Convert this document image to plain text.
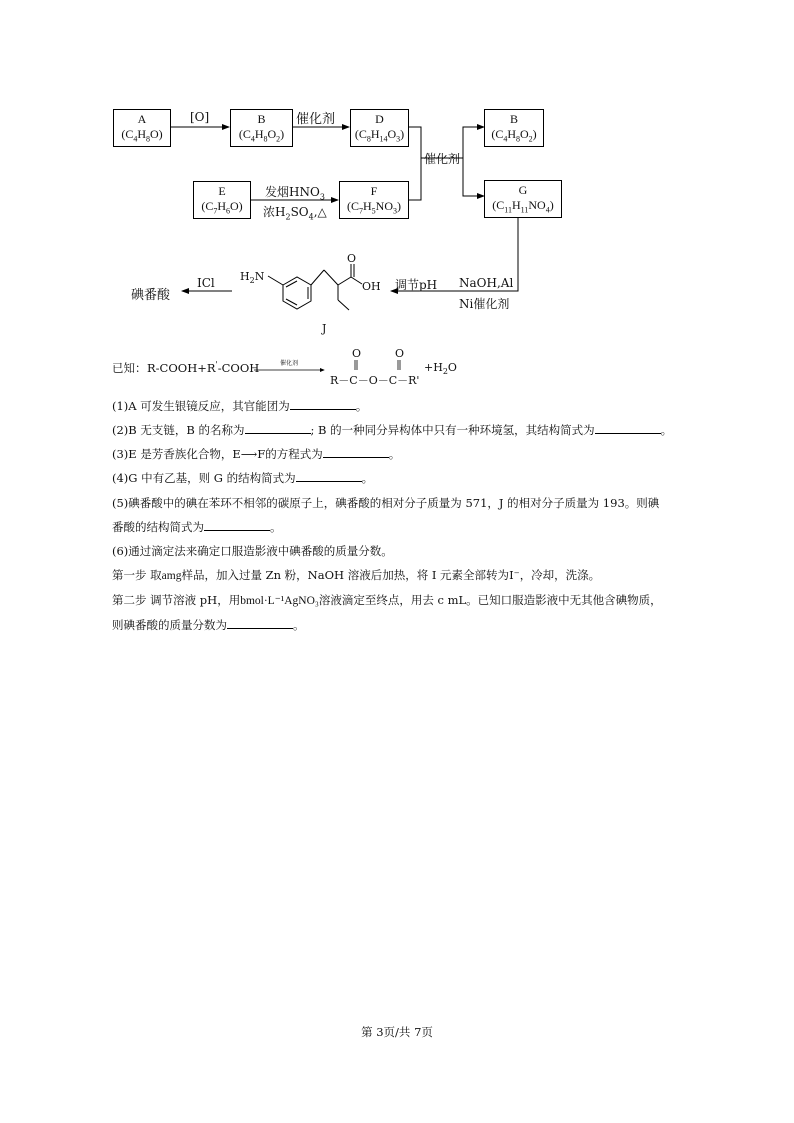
A
$(C_4H_8O)$
B
$(C_4H_8O_2)$
D
$(C_8H_{14}O_3)$
B
$(C_4H_8O_2)$
E
$(C_7H_6O)$
F
$(C_7H_5NO_3)$
G
$(C_{11}H_{11}NO_4)$
[O]	催化剂
催化剂
发烟$HNO_3$
浓$H_2SO_4,\triangle$
NaOH,Al
Ni催化剂
调节pH
ICl
碘番酸
$H_2N$
O
OH
J
已知： R-COOH+R'-COOH	催化剂
O	O
R－C－O－C－R'
$+H_2O$
(1)A 可发生银镜反应，其官能团为	。
(2)B 无支链，B 的名称为	; B 的一种同分异构体中只有一种环境氢，其结构简式为	。
(3)E 是芳香族化合物，E⟶F的方程式为	。
(4)G 中有乙基，则 G 的结构简式为	。
(5)碘番酸中的碘在苯环不相邻的碳原子上，碘番酸的相对分子质量为 571，J 的相对分子质量为 193。则碘
番酸的结构简式为	。
(6)通过滴定法来确定口服造影液中碘番酸的质量分数。
第一步 取amg样品，加入过量 Zn 粉，NaOH 溶液后加热，将 I 元素全部转为I⁻，冷却，洗涤。
第二步 调节溶液 pH，用bmol·L⁻¹AgNO₃溶液滴定至终点，用去 c mL。已知口服造影液中无其他含碘物质，
则碘番酸的质量分数为	。
第 3页/共 7页
